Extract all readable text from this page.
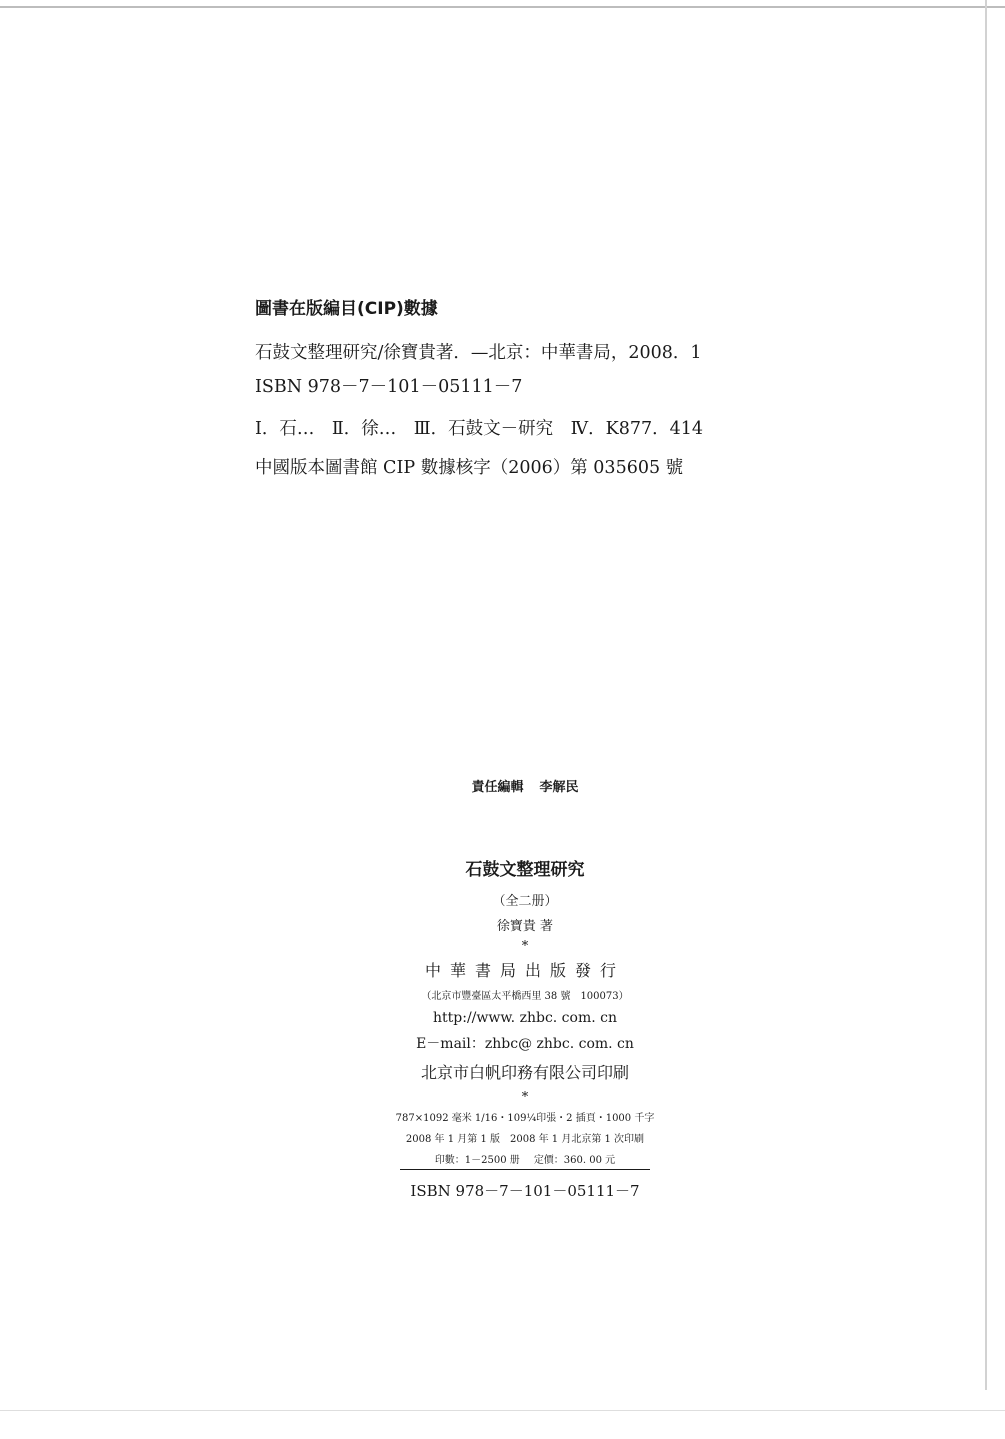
圖書在版編目(CIP)數據

石鼓文整理研究/徐寶貴著．—北京：中華書局，2008．1

ISBN 978－7－101－05111－7

Ⅰ．石…　Ⅱ．徐…　Ⅲ．石鼓文－研究　Ⅳ．K877．414

中國版本圖書館 CIP 數據核字（2006）第 035605 號

責任編輯 李解民
石鼓文整理研究
（全二册）
徐寶貴 著
*
中華書局出版發行
（北京市豐臺區太平橋西里 38 號　100073）
http://www. zhbc. com. cn
E－mail：zhbc@ zhbc. com. cn
北京市白帆印務有限公司印刷
*
787×1092 毫米 1/16・109¼印張・2 插頁・1000 千字
2008 年 1 月第 1 版　2008 年 1 月北京第 1 次印刷
印數：1－2500 册 定價：360. 00 元
ISBN 978－7－101－05111－7
